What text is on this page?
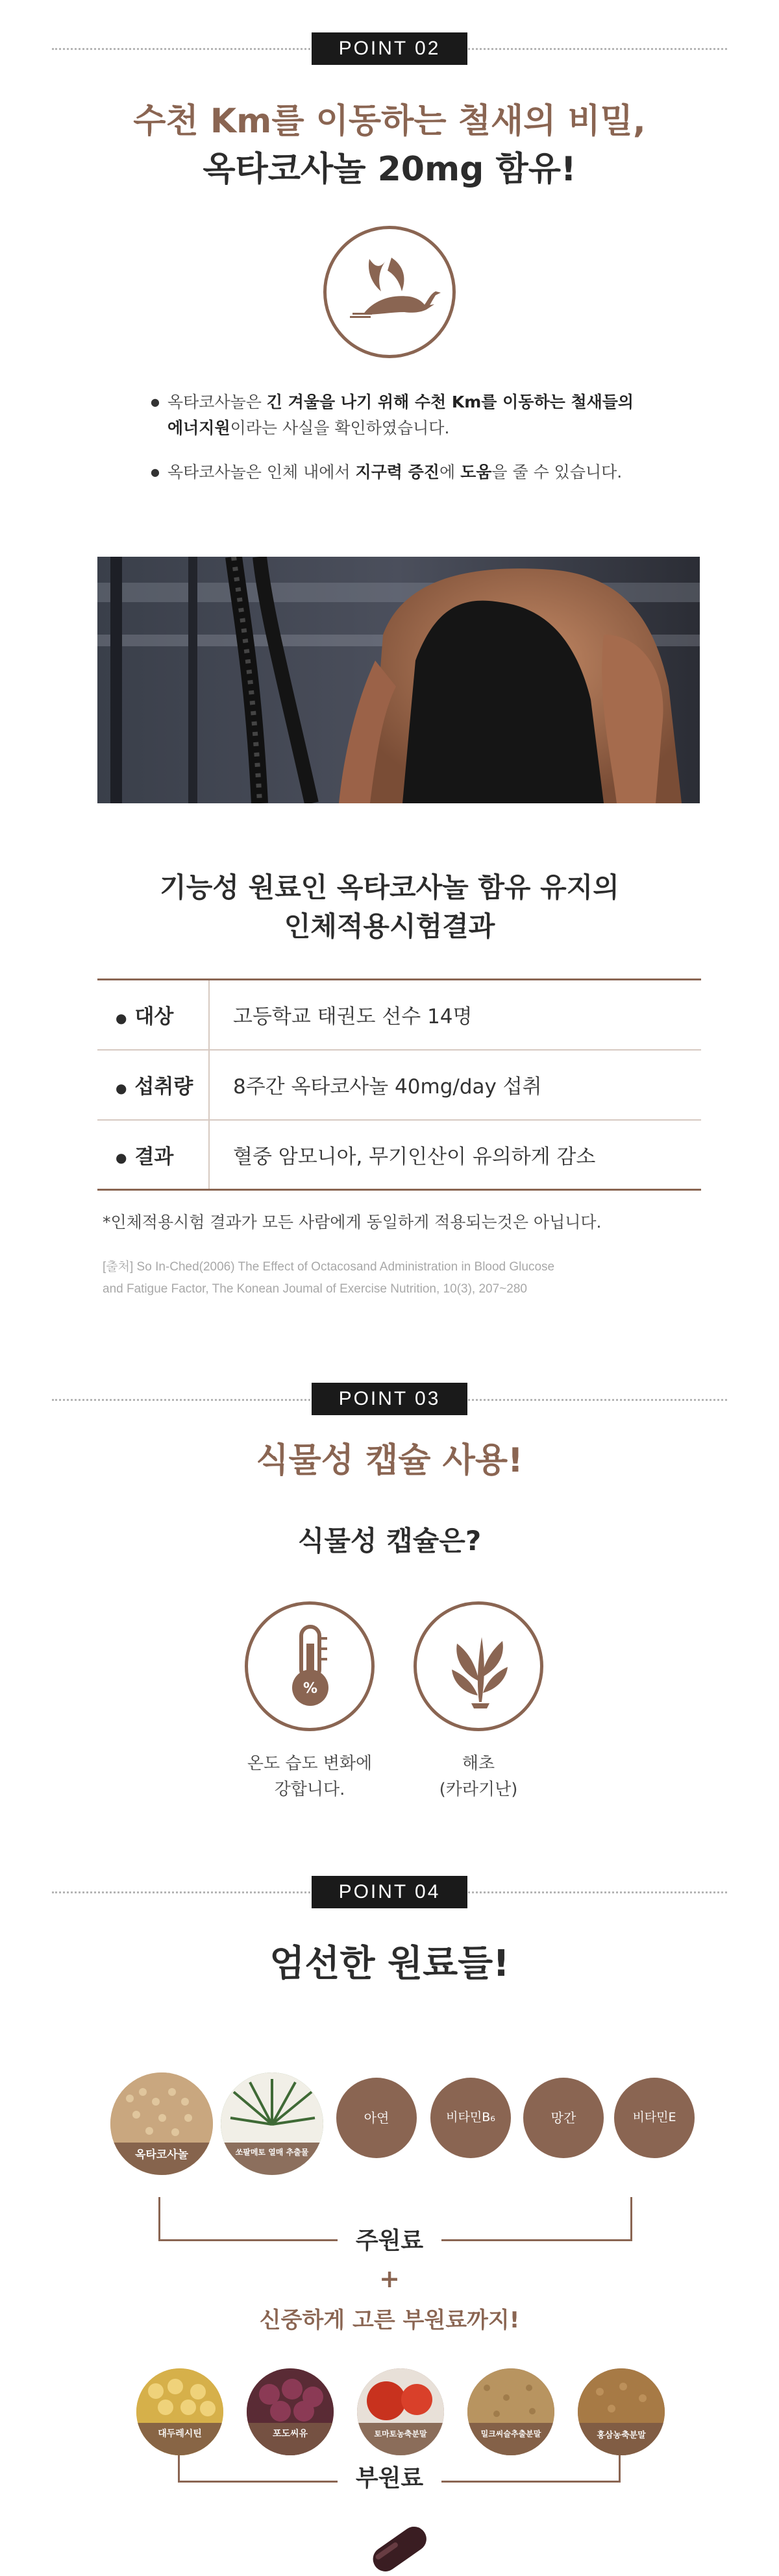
POINT 02
수천 Km를 이동하는 철새의 비밀,
옥타코사놀 20mg 함유!
● 옥타코사놀은 긴 겨울을 나기 위해 수천 Km를 이동하는 철새들의
에너지원이라는 사실을 확인하였습니다.
● 옥타코사놀은 인체 내에서 지구력 증진에 도움을 줄 수 있습니다.
기능성 원료인 옥타코사놀 함유 유지의
인체적용시험결과
● 대상	고등학교 태권도 선수 14명
● 섭취량	8주간 옥타코사놀 40mg/day 섭취
● 결과	혈중 암모니아, 무기인산이 유의하게 감소
*인체적용시험 결과가 모든 사람에게 동일하게 적용되는것은 아닙니다.
[출처] So In-Ched(2006) The Effect of Octacosand Administration in Blood Glucose
and Fatigue Factor, The Konean Joumal of Exercise Nutrition, 10(3), 207~280
POINT 03
식물성 캡슐 사용!
식물성 캡슐은?
%
온도 습도 변화에
강합니다.
해초
(카라기난)
POINT 04
엄선한 원료들!
주원료
옥타코사놀	쏘팔메토 열매 추출물
아연	비타민B₆	망간	비타민E
+
신중하게 고른 부원료까지!
부원료
대두레시틴	포도씨유	토마토농축분말	밀크씨슬추출분말	홍삼농축분말
